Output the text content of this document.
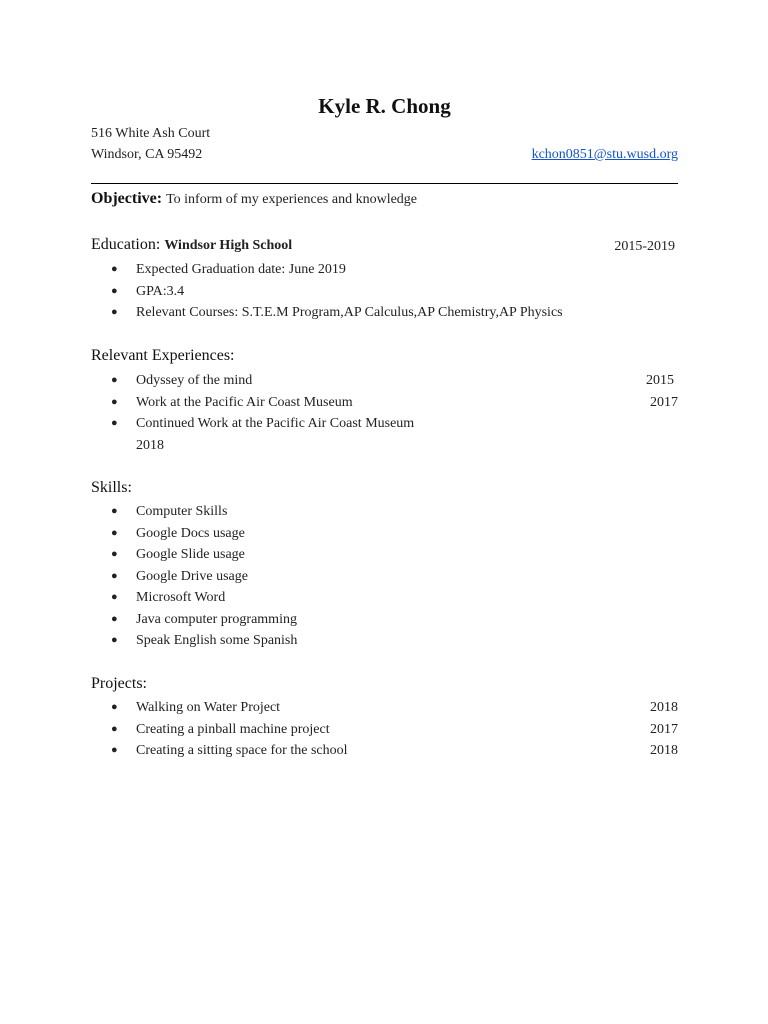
Kyle R. Chong
516 White Ash Court
Windsor, CA 95492	kchon0851@stu.wusd.org
Objective: To inform of my experiences and knowledge
Education: Windsor High School	2015-2019
● Expected Graduation date: June 2019
● GPA:3.4
● Relevant Courses: S.T.E.M Program,AP Calculus,AP Chemistry,AP Physics
Relevant Experiences:
● Odyssey of the mind	2015
● Work at the Pacific Air Coast Museum	2017
● Continued Work at the Pacific Air Coast Museum
2018
Skills:
● Computer Skills
● Google Docs usage
● Google Slide usage
● Google Drive usage
● Microsoft Word
● Java computer programming
● Speak English some Spanish
Projects:
● Walking on Water Project	2018
● Creating a pinball machine project	2017
● Creating a sitting space for the school	2018
